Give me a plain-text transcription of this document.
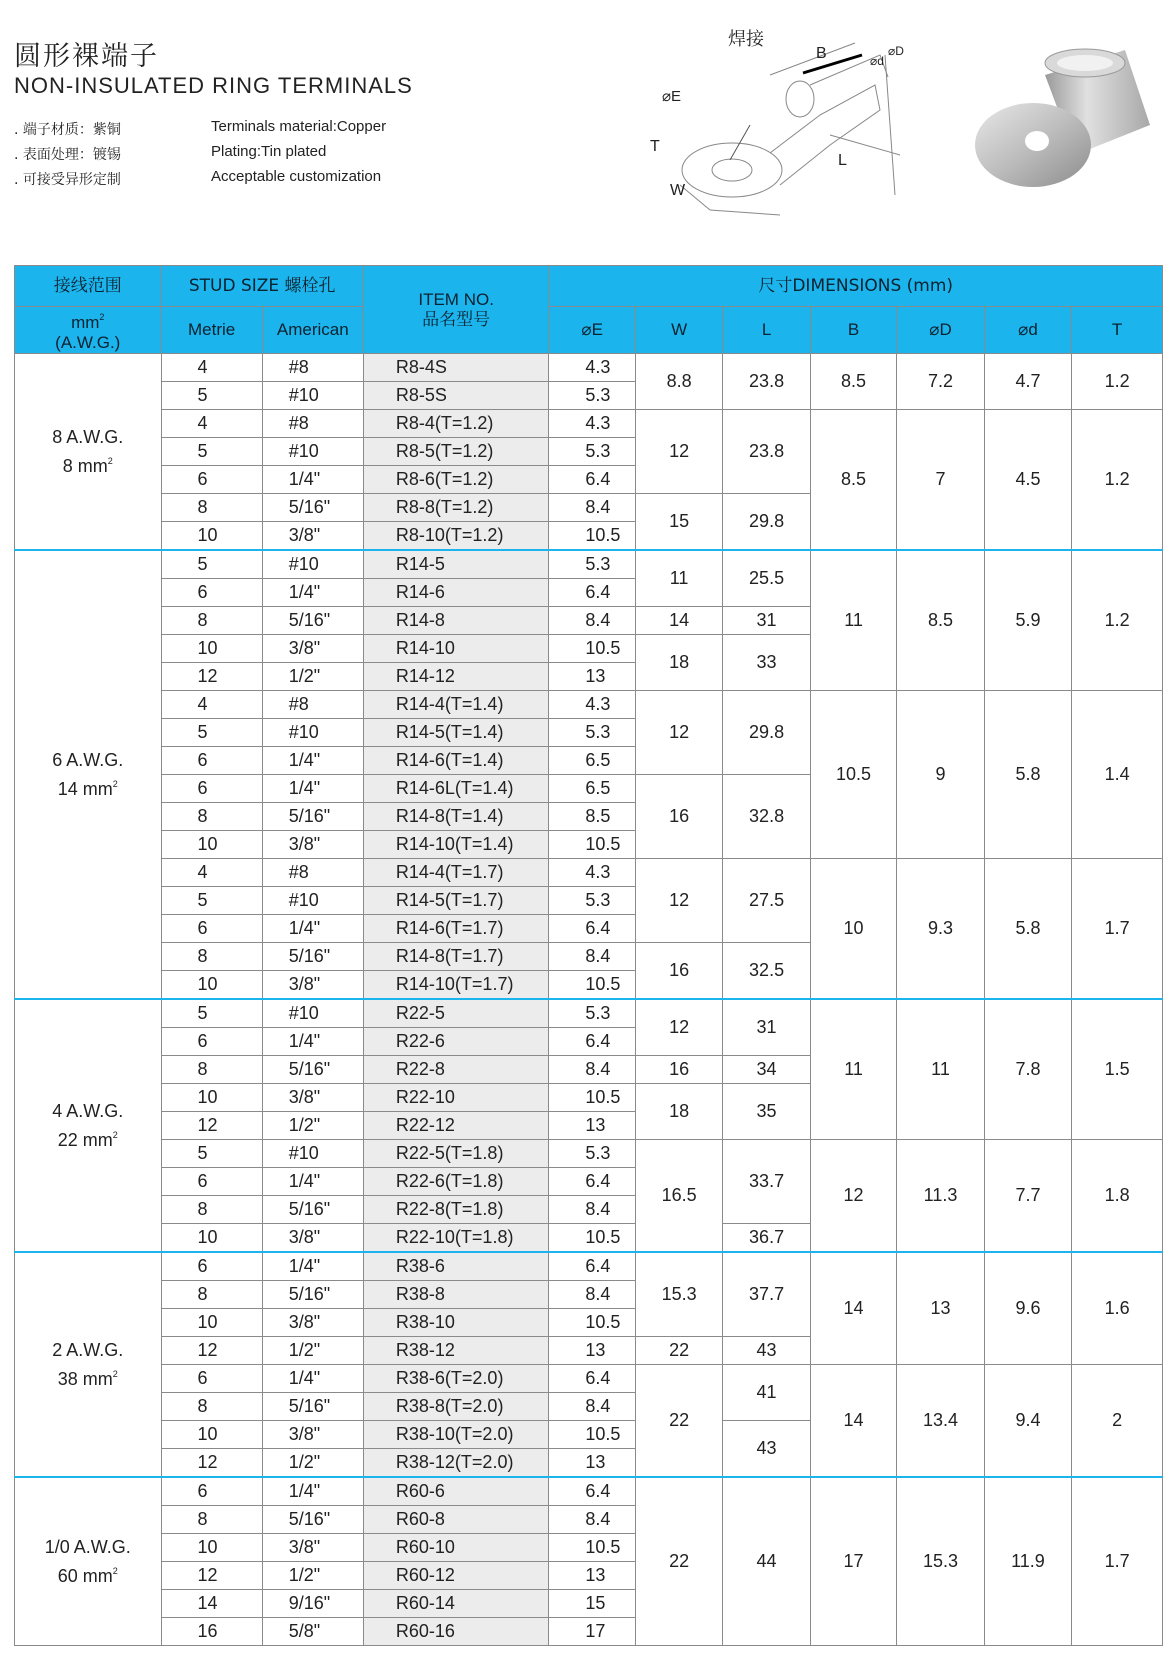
圆形裸端子
NON-INSULATED RING TERMINALS
. 端子材质：紫铜
. 表面处理：镀锡
. 可接受异形定制
Terminals material:Copper
Plating:Tin plated
Acceptable customization
焊接
B	⌀d
⌀D
⌀E
T
L
W
接线范围	STUD SIZE 螺栓孔		ITEM NO.
品名型号	尺寸DIMENSIONS (mm)						
$mm^2$
(A.W.G.)	Metrie	American		⌀E	W	L	B	⌀D	⌀d	T
8 A.W.G.
8 $mm^2$	4	#8	R8-4S	4.3	8.8	23.8	8.5	7.2	4.7	1.2
	5	#10	R8-5S	5.3						
	4	#8	R8-4(T=1.2)	4.3	12	23.8	8.5	7	4.5	1.2
	5	#10	R8-5(T=1.2)	5.3						
	6	1/4"	R8-6(T=1.2)	6.4						
	8	5/16"	R8-8(T=1.2)	8.4	15	29.8				
	10	3/8"	R8-10(T=1.2)	10.5						
6 A.W.G.
14 $mm^2$	5	#10	R14-5	5.3	11	25.5	11	8.5	5.9	1.2
	6	1/4"	R14-6	6.4						
	8	5/16"	R14-8	8.4	14	31				
	10	3/8"	R14-10	10.5	18	33				
	12	1/2"	R14-12	13						
	4	#8	R14-4(T=1.4)	4.3	12	29.8	10.5	9	5.8	1.4
	5	#10	R14-5(T=1.4)	5.3						
	6	1/4"	R14-6(T=1.4)	6.5						
	6	1/4"	R14-6L(T=1.4)	6.5	16	32.8				
	8	5/16"	R14-8(T=1.4)	8.5						
	10	3/8"	R14-10(T=1.4)	10.5						
	4	#8	R14-4(T=1.7)	4.3	12	27.5	10	9.3	5.8	1.7
	5	#10	R14-5(T=1.7)	5.3						
	6	1/4"	R14-6(T=1.7)	6.4						
	8	5/16"	R14-8(T=1.7)	8.4	16	32.5				
	10	3/8"	R14-10(T=1.7)	10.5						
4 A.W.G.
22 $mm^2$	5	#10	R22-5	5.3	12	31	11	11	7.8	1.5
	6	1/4"	R22-6	6.4						
	8	5/16"	R22-8	8.4	16	34				
	10	3/8"	R22-10	10.5	18	35				
	12	1/2"	R22-12	13						
	5	#10	R22-5(T=1.8)	5.3	16.5	33.7	12	11.3	7.7	1.8
	6	1/4"	R22-6(T=1.8)	6.4						
	8	5/16"	R22-8(T=1.8)	8.4						
	10	3/8"	R22-10(T=1.8)	10.5		36.7				
2 A.W.G.
38 $mm^2$	6	1/4"	R38-6	6.4	15.3	37.7	14	13	9.6	1.6
	8	5/16"	R38-8	8.4						
	10	3/8"	R38-10	10.5						
	12	1/2"	R38-12	13	22	43				
	6	1/4"	R38-6(T=2.0)	6.4	22	41	14	13.4	9.4	2
	8	5/16"	R38-8(T=2.0)	8.4						
	10	3/8"	R38-10(T=2.0)	10.5		43				
	12	1/2"	R38-12(T=2.0)	13						
1/0 A.W.G.
60 $mm^2$	6	1/4"	R60-6	6.4	22	44	17	15.3	11.9	1.7
	8	5/16"	R60-8	8.4						
	10	3/8"	R60-10	10.5						
	12	1/2"	R60-12	13						
	14	9/16"	R60-14	15						
	16	5/8"	R60-16	17						
